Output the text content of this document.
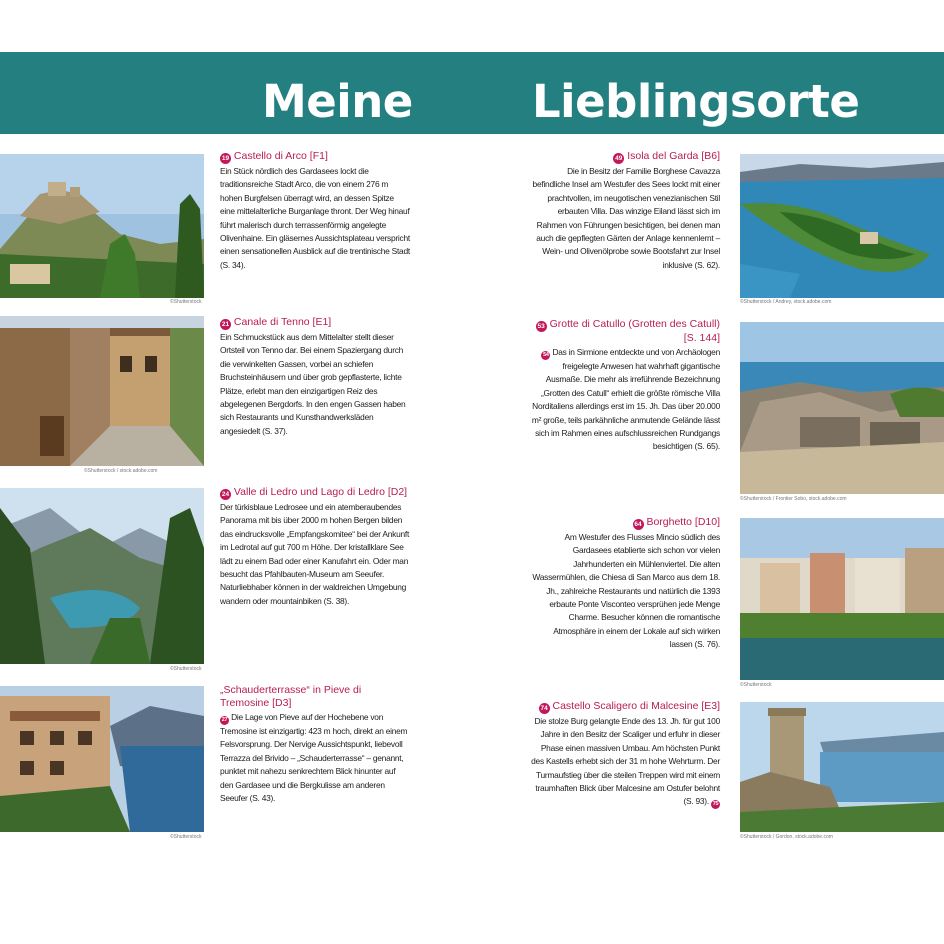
Meine	Lieblingsorte
©Shutterstock
©Shutterstock / stock.adobe.com
©Shutterstock
©Shutterstock
©Shutterstock / Andrey, stock.adobe.com
©Shutterstock / Frontier Sobo, stock.adobe.com
©Shutterstock
©Shutterstock / Gordon, stock.adobe.com
19 Castello di Arco [F1]
Ein Stück nördlich des Gardasees lockt die traditionsreiche Stadt Arco, die von einem 276 m hohen Burgfelsen überragt wird, an dessen Spitze eine mittelalterliche Burganlage thront. Der Weg hinauf führt malerisch durch terrassenförmig angelegte Olivenhaine. Ein gläsernes Aussichtsplateau verspricht einen sensationellen Ausblick auf die trentinische Stadt (S. 34).
21 Canale di Tenno [E1]
Ein Schmuckstück aus dem Mittelalter stellt dieser Ortsteil von Tenno dar. Bei einem Spaziergang durch die verwinkelten Gassen, vorbei an schiefen Bruchsteinhäusern und über grob gepflasterte, lichte Plätze, erlebt man den einzigartigen Reiz des abgelegenen Bergdorfs. In den engen Gassen haben sich Restaurants und Kunsthandwerksläden angesiedelt (S. 37).
24 Valle di Ledro und Lago di Ledro [D2]
Der türkisblaue Ledrosee und ein atemberaubendes Panorama mit bis über 2000 m hohen Bergen bilden das eindrucksvolle „Empfangskomitee“ bei der Ankunft im Ledrotal auf gut 700 m Höhe. Der kristallklare See lädt zu einem Bad oder einer Kanufahrt ein. Oder man besucht das Pfahlbauten-Museum am Seeufer. Naturliebhaber können in der waldreichen Umgebung wandern oder mountainbiken (S. 38).
„Schauderterrasse“ in Pieve di Tremosine [D3]
27 Die Lage von Pieve auf der Hochebene von Tremosine ist einzigartig: 423 m hoch, direkt an einem Felsvorsprung. Der Nervige Aussichtspunkt, liebevoll Terrazza del Brivido – „Schauderterrasse“ – genannt, punktet mit nahezu senkrechtem Blick hinunter auf den Gardasee und die Bergkulisse am anderen Seeufer (S. 43).
49 Isola del Garda [B6]
Die in Besitz der Familie Borghese Cavazza befindliche Insel am Westufer des Sees lockt mit einer prachtvollen, im neugotischen venezianischen Stil erbauten Villa. Das winzige Eiland lässt sich im Rahmen von Führungen besichtigen, bei denen man auch die gepflegten Gärten der Anlage kennenlernt – Wein- und Olivenölprobe sowie Bootsfahrt zur Insel inklusive (S. 62).
53 Grotte di Catullo (Grotten des Catull) [S. 144]
54 Das in Sirmione entdeckte und von Archäologen freigelegte Anwesen hat wahrhaft gigantische Ausmaße. Die mehr als irreführende Bezeichnung „Grotten des Catull“ erhielt die größte römische Villa Norditaliens allerdings erst im 15. Jh. Das über 20.000 m² große, teils parkähnliche anmutende Gelände lässt sich im Rahmen eines aufschlussreichen Rundgangs besichtigen (S. 65).
64 Borghetto [D10]
Am Westufer des Flusses Mincio südlich des Gardasees etablierte sich schon vor vielen Jahrhunderten ein Mühlenviertel. Die alten Wassermühlen, die Chiesa di San Marco aus dem 18. Jh., zahlreiche Restaurants und natürlich die 1393 erbaute Ponte Visconteo versprühen jede Menge Charme. Besucher können die romantische Atmosphäre in einem der Lokale auf sich wirken lassen (S. 76).
74 Castello Scaligero di Malcesine [E3]
Die stolze Burg gelangte Ende des 13. Jh. für gut 100 Jahre in den Besitz der Scaliger und erfuhr in dieser Phase einen massiven Umbau. Am höchsten Punkt des Kastells erhebt sich der 31 m hohe Wehrturm. Der Turmaufstieg über die steilen Treppen wird mit einem traumhaften Blick über Malcesine am Ostufer belohnt (S. 93). 75
